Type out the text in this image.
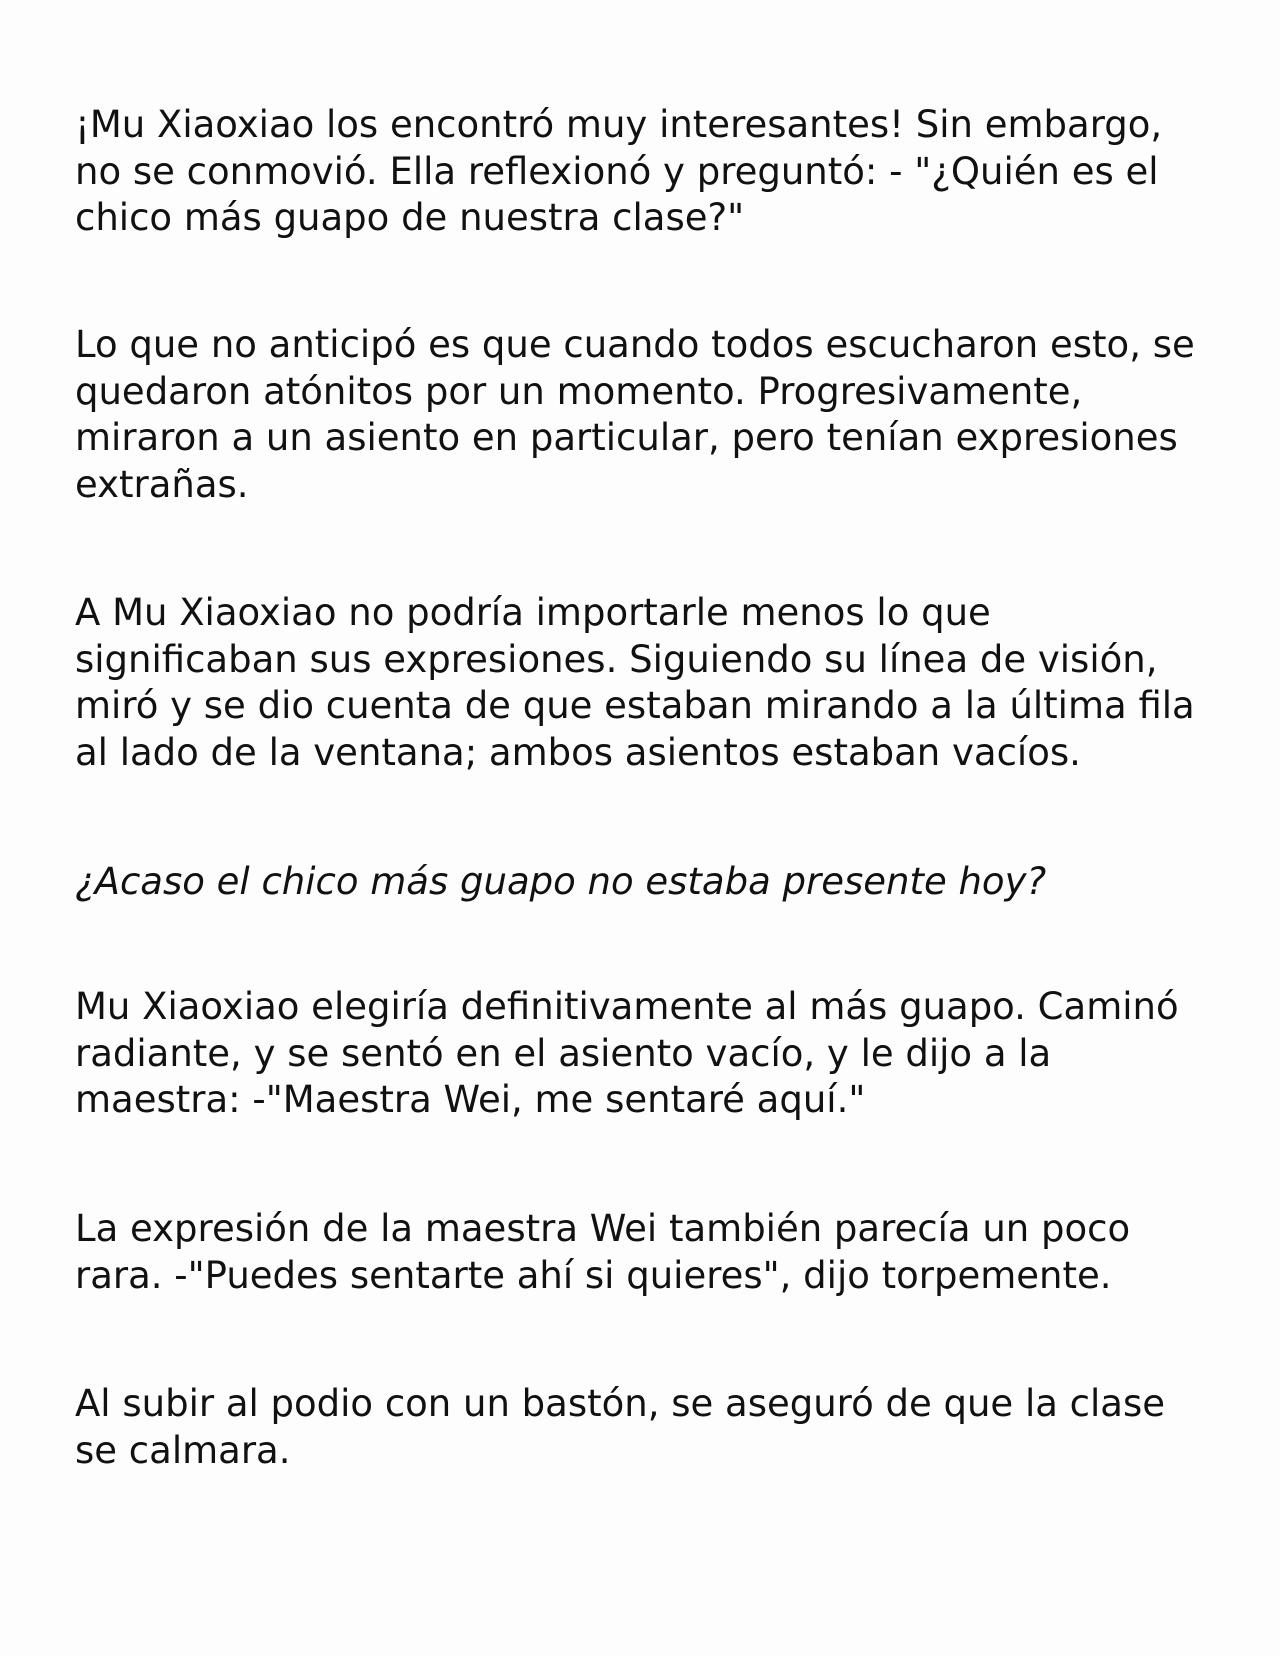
¡Mu Xiaoxiao los encontró muy interesantes! Sin embargo, no se conmovió. Ella reflexionó y preguntó: - "¿Quién es el chico más guapo de nuestra clase?"

Lo que no anticipó es que cuando todos escucharon esto, se quedaron atónitos por un momento. Progresivamente, miraron a un asiento en particular, pero tenían expresiones extrañas.

A Mu Xiaoxiao no podría importarle menos lo que significaban sus expresiones. Siguiendo su línea de visión, miró y se dio cuenta de que estaban mirando a la última fila al lado de la ventana; ambos asientos estaban vacíos.

¿Acaso el chico más guapo no estaba presente hoy?

Mu Xiaoxiao elegiría definitivamente al más guapo. Caminó radiante, y se sentó en el asiento vacío, y le dijo a la maestra: -"Maestra Wei, me sentaré aquí."

La expresión de la maestra Wei también parecía un poco rara. -"Puedes sentarte ahí si quieres", dijo torpemente.

Al subir al podio con un bastón, se aseguró de que la clase se calmara.
